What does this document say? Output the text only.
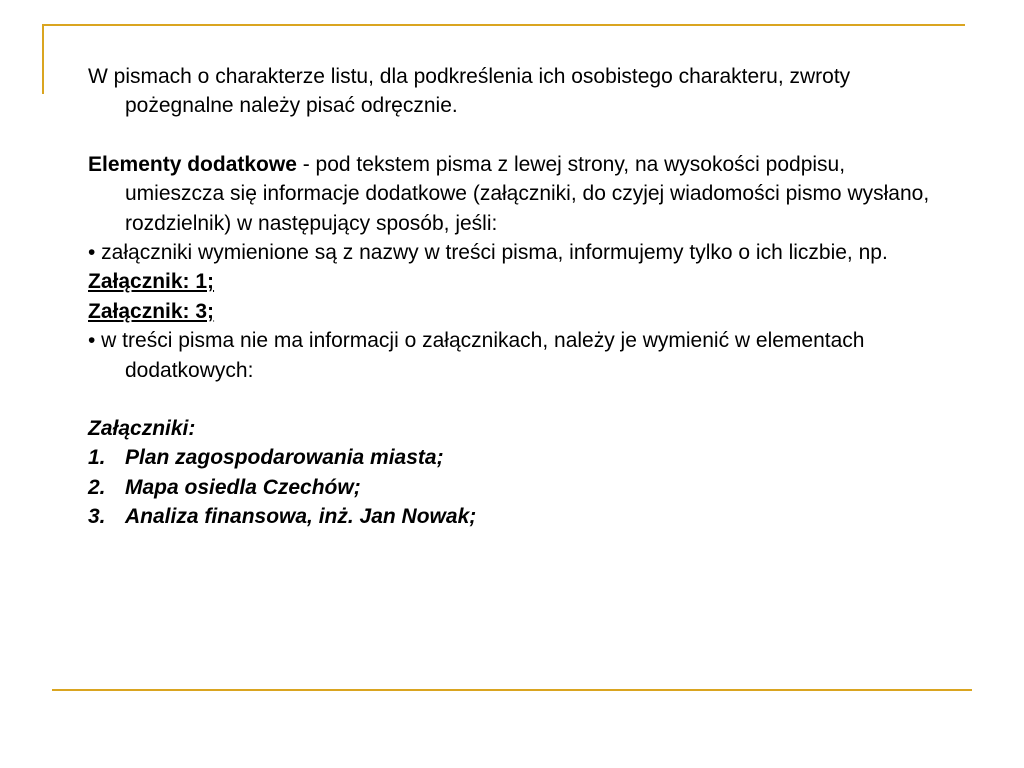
W pismach o charakterze listu, dla podkreślenia ich osobistego charakteru, zwroty pożegnalne należy pisać odręcznie.

Elementy dodatkowe - pod tekstem pisma z lewej strony, na wysokości podpisu, umieszcza się informacje dodatkowe (załączniki, do czyjej wiadomości pismo wysłano, rozdzielnik) w następujący sposób, jeśli:

• załączniki wymienione są z nazwy w treści pisma, informujemy tylko o ich liczbie, np.

Załącznik: 1;

Załącznik: 3;

• w treści pisma nie ma informacji o załącznikach, należy je wymienić w elementach dodatkowych:

Załączniki:

1. Plan zagospodarowania miasta;
2. Mapa osiedla Czechów;
3. Analiza finansowa, inż. Jan Nowak;
